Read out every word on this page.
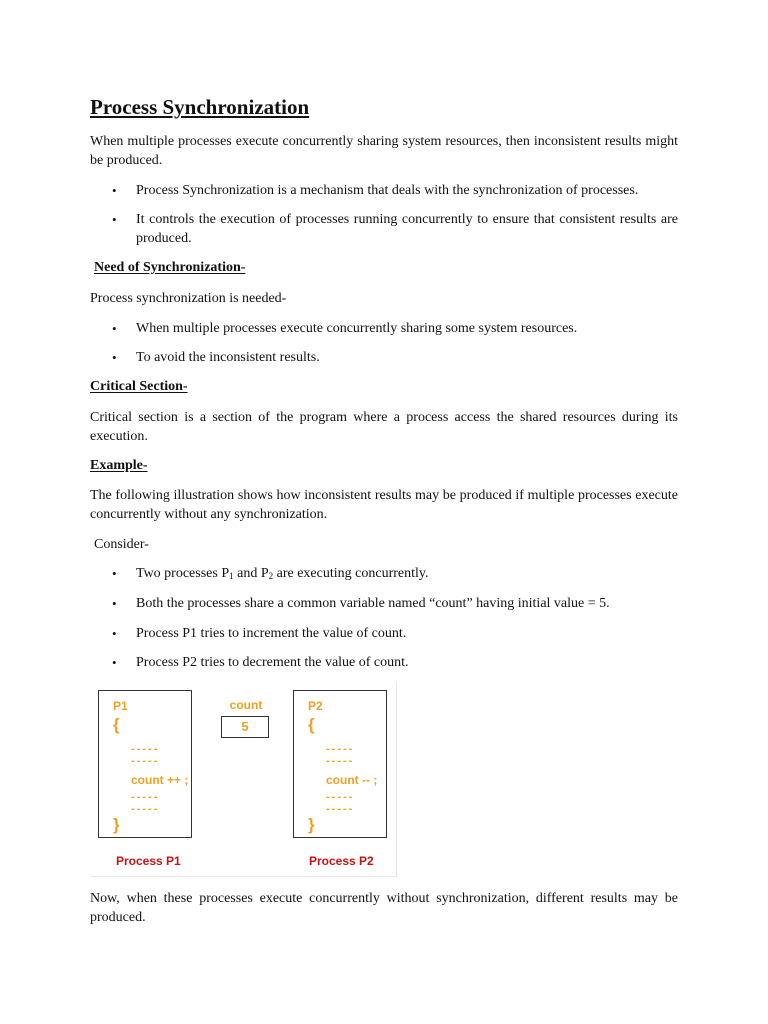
Process Synchronization

When multiple processes execute concurrently sharing system resources, then inconsistent results might be produced.

• Process Synchronization is a mechanism that deals with the synchronization of processes.
• It controls the execution of processes running concurrently to ensure that consistent results are produced.
Need of Synchronization-

Process synchronization is needed-

• When multiple processes execute concurrently sharing some system resources.
• To avoid the inconsistent results.
Critical Section-

Critical section is a section of the program where a process access the shared resources during its execution.

Example-

The following illustration shows how inconsistent results may be produced if multiple processes execute concurrently without any synchronization.

Consider-

• Two processes $P_1$ and $P_2$ are executing concurrently.
• Both the processes share a common variable named “count” having initial value = 5.
• Process P1 tries to increment the value of count.
• Process P2 tries to decrement the value of count.

Now, when these processes execute concurrently without synchronization, different results may be produced.

P1
{
-----
-----
count ++ ;
-----
-----
}
count
5
P2
{
-----
-----
count -- ;
-----
-----
}
Process P1	Process P2
